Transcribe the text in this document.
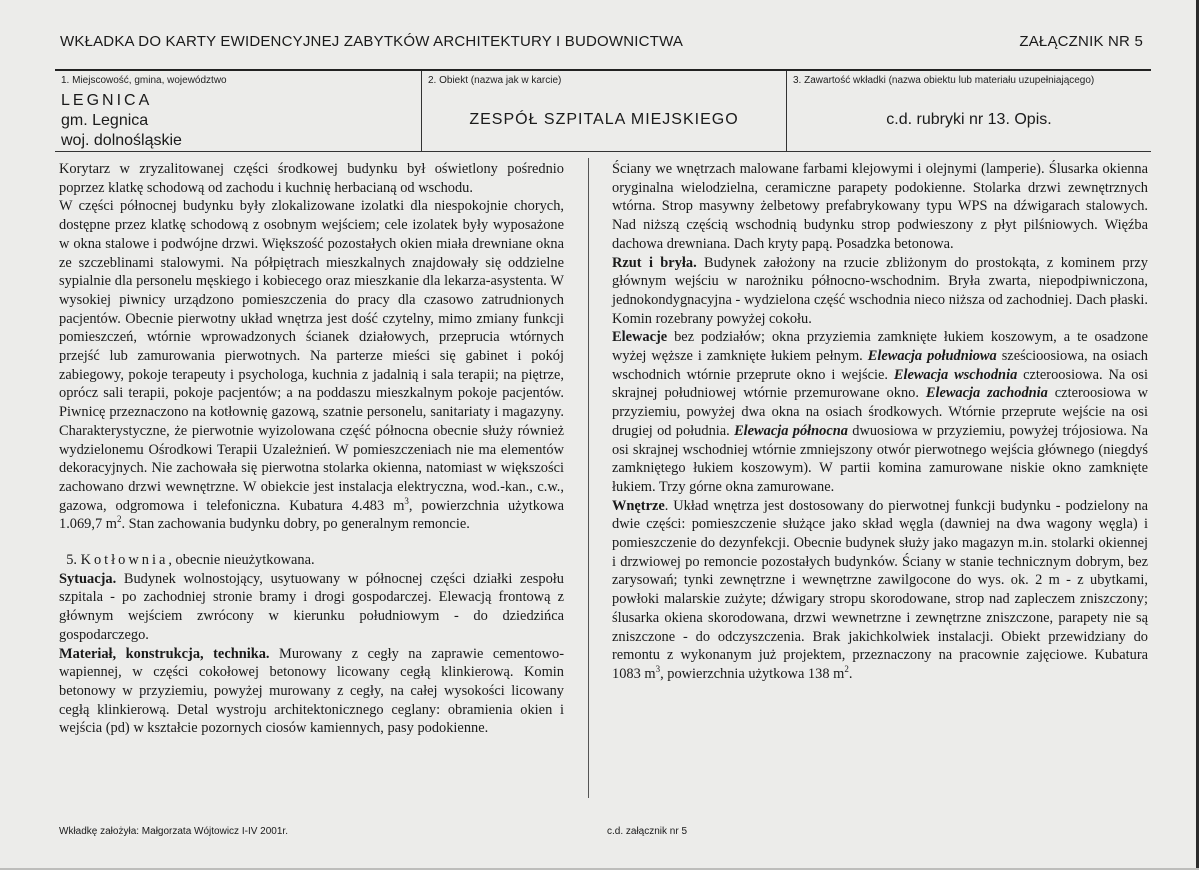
WKŁADKA DO KARTY EWIDENCYJNEJ ZABYTKÓW ARCHITEKTURY I BUDOWNICTWA	ZAŁĄCZNIK NR 5
1. Miejscowość, gmina, województwo
LEGNICA
gm. Legnica
woj. dolnośląskie
2. Obiekt (nazwa jak w karcie)
ZESPÓŁ SZPITALA MIEJSKIEGO
3. Zawartość wkładki (nazwa obiektu lub materiału uzupełniającego)
c.d. rubryki nr 13. Opis.

Korytarz w zryzalitowanej części środkowej budynku był oświetlony pośrednio poprzez klatkę schodową od zachodu i kuchnię herbacianą od wschodu.

W części północnej budynku były zlokalizowane izolatki dla niespokojnie chorych, dostępne przez klatkę schodową z osobnym wejściem; cele izolatek były wyposażone w okna stalowe i podwójne drzwi. Większość pozostałych okien miała drewniane okna ze szczeblinami stalowymi. Na półpiętrach mieszkalnych znajdowały się oddzielne sypialnie dla personelu męskiego i kobiecego oraz mieszkanie dla lekarza-asystenta. W wysokiej piwnicy urządzono pomieszczenia do pracy dla czasowo zatrudnionych pacjentów. Obecnie pierwotny układ wnętrza jest dość czytelny, mimo zmiany funkcji pomieszczeń, wtórnie wprowadzonych ścianek działowych, przeprucia wtórnych przejść lub zamurowania pierwotnych. Na parterze mieści się gabinet i pokój zabiegowy, pokoje terapeuty i psychologa, kuchnia z jadalnią i sala terapii; na piętrze, oprócz sali terapii, pokoje pacjentów; a na poddaszu mieszkalnym pokoje pacjentów. Piwnicę przeznaczono na kotłownię gazową, szatnie personelu, sanitariaty i magazyny. Charakterystyczne, że pierwotnie wyizolowana część północna obecnie służy również wydzielonemu Ośrodkowi Terapii Uzależnień. W pomieszczeniach nie ma elementów dekoracyjnych. Nie zachowała się pierwotna stolarka okienna, natomiast w większości zachowano drzwi wewnętrzne. W obiekcie jest instalacja elektryczna, wod.-kan., c.w., gazowa, odgromowa i telefoniczna. Kubatura 4.483 $m^3$, powierzchnia użytkowa 1.069,7 $m^2$. Stan zachowania budynku dobry, po generalnym remoncie.

5. Kotłownia, obecnie nieużytkowana.

Sytuacja. Budynek wolnostojący, usytuowany w północnej części działki zespołu szpitala - po zachodniej stronie bramy i drogi gospodarczej. Elewacją frontową z głównym wejściem zwrócony w kierunku południowym - do dziedzińca gospodarczego.

Materiał, konstrukcja, technika. Murowany z cegły na zaprawie cementowo-wapiennej, w części cokołowej betonowy licowany cegłą klinkierową. Komin betonowy w przyziemiu, powyżej murowany z cegły, na całej wysokości licowany cegłą klinkierową. Detal wystroju architektonicznego ceglany: obramienia okien i wejścia (pd) w kształcie pozornych ciosów kamiennych, pasy podokienne.

Ściany we wnętrzach malowane farbami klejowymi i olejnymi (lamperie). Ślusarka okienna oryginalna wielodzielna, ceramiczne parapety podokienne. Stolarka drzwi zewnętrznych wtórna. Strop masywny żelbetowy prefabrykowany typu WPS na dźwigarach stalowych. Nad niższą częścią wschodnią budynku strop podwieszony z płyt pilśniowych. Więźba dachowa drewniana. Dach kryty papą. Posadzka betonowa.

Rzut i bryła. Budynek założony na rzucie zbliżonym do prostokąta, z kominem przy głównym wejściu w narożniku północno-wschodnim. Bryła zwarta, niepodpiwniczona, jednokondygnacyjna - wydzielona część wschodnia nieco niższa od zachodniej. Dach płaski. Komin rozebrany powyżej cokołu.

Elewacje bez podziałów; okna przyziemia zamknięte łukiem koszowym, a te osadzone wyżej węższe i zamknięte łukiem pełnym. Elewacja południowa sześcioosiowa, na osiach wschodnich wtórnie przeprute okno i wejście. Elewacja wschodnia czteroosiowa. Na osi skrajnej południowej wtórnie przemurowane okno. Elewacja zachodnia czteroosiowa w przyziemiu, powyżej dwa okna na osiach środkowych. Wtórnie przeprute wejście na osi drugiej od południa. Elewacja północna dwuosiowa w przyziemiu, powyżej trójosiowa. Na osi skrajnej wschodniej wtórnie zmniejszony otwór pierwotnego wejścia głównego (niegdyś zamkniętego łukiem koszowym). W partii komina zamurowane niskie okno zamknięte łukiem. Trzy górne okna zamurowane.

Wnętrze. Układ wnętrza jest dostosowany do pierwotnej funkcji budynku - podzielony na dwie części: pomieszczenie służące jako skład węgla (dawniej na dwa wagony węgla) i pomieszczenie do dezynfekcji. Obecnie budynek służy jako magazyn m.in. stolarki okiennej i drzwiowej po remoncie pozostałych budynków. Ściany w stanie technicznym dobrym, bez zarysowań; tynki zewnętrzne i wewnętrzne zawilgocone do wys. ok. 2 m - z ubytkami, powłoki malarskie zużyte; dźwigary stropu skorodowane, strop nad zapleczem zniszczony; ślusarka okiena skorodowana, drzwi wewnetrzne i zewnętrzne zniszczone, parapety nie są zniszczone - do odczyszczenia. Brak jakichkolwiek instalacji. Obiekt przewidziany do remontu z wykonanym już projektem, przeznaczony na pracownie zajęciowe. Kubatura 1083 $m^3$, powierzchnia użytkowa 138 $m^2$.

Wkładkę założyła: Małgorzata Wójtowicz I-IV 2001r.	c.d. załącznik nr 5
